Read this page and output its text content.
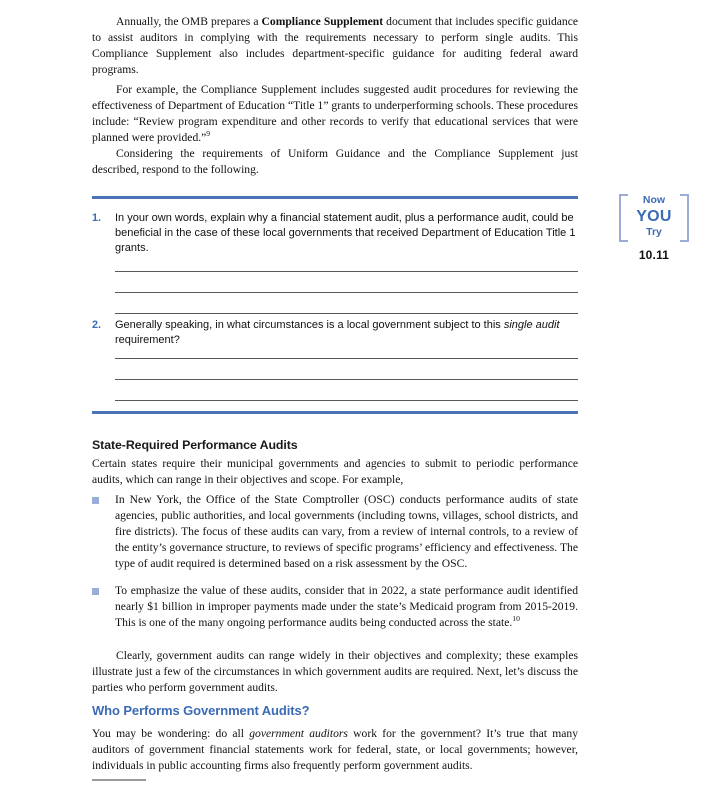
Annually, the OMB prepares a Compliance Supplement document that includes specific guidance to assist auditors in complying with the requirements necessary to perform single audits. This Compliance Supplement also includes department-specific guidance for auditing federal award programs.

For example, the Compliance Supplement includes suggested audit procedures for reviewing the effectiveness of Department of Education “Title 1” grants to underperforming schools. These procedures include: “Review program expenditure and other records to verify that educational services that were planned were provided.”$^9$

Considering the requirements of Uniform Guidance and the Compliance Supplement just described, respond to the following.

Now
YOU
Try
10.11
1.	In your own words, explain why a financial statement audit, plus a performance audit, could be beneficial in the case of these local governments that received Department of Education Title 1 grants.
2.	Generally speaking, in what circumstances is a local government subject to this single audit requirement?
State-Required Performance Audits

Certain states require their municipal governments and agencies to submit to periodic performance audits, which can range in their objectives and scope. For example,

In New York, the Office of the State Comptroller (OSC) conducts performance audits of state agencies, public authorities, and local governments (including towns, villages, school districts, and fire districts). The focus of these audits can vary, from a review of internal controls, to a review of the entity’s governance structure, to reviews of specific programs’ efficiency and effectiveness. The type of audit required is determined based on a risk assessment by the OSC.
To emphasize the value of these audits, consider that in 2022, a state performance audit identified nearly $1 billion in improper payments made under the state’s Medicaid program from 2015-2019. This is one of the many ongoing performance audits being conducted across the state.$^{10}$

Clearly, government audits can range widely in their objectives and complexity; these examples illustrate just a few of the circumstances in which government audits are required. Next, let’s discuss the parties who perform government audits.

Who Performs Government Audits?

You may be wondering: do all government auditors work for the government? It’s true that many auditors of government financial statements work for federal, state, or local governments; however, individuals in public accounting firms also frequently perform government audits.
